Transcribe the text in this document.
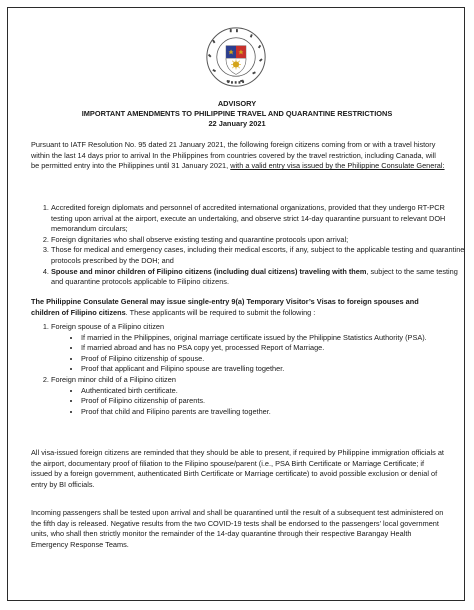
ADVISORY
IMPORTANT AMENDMENTS TO PHILIPPINE TRAVEL AND QUARANTINE RESTRICTIONS
22 January 2021

Pursuant to IATF Resolution No. 95 dated 21 January 2021, the following foreign citizens coming from or with a travel history within the last 14 days prior to arrival In the Philippines from countries covered by the travel restriction, including Canada, will be permitted entry into the Philippines until 31 January 2021, with a valid entry visa issued by the Philippine Consulate General:

1. Accredited foreign diplomats and personnel of accredited international organizations, provided that they undergo RT-PCR testing upon arrival at the airport, execute an undertaking, and observe strict 14-day quarantine pursuant to relevant DOH memorandum circulars;
2. Foreign dignitaries who shall observe existing testing and quarantine protocols upon arrival;
3. Those for medical and emergency cases, including their medical escorts, if any, subject to the applicable testing and quarantine protocols prescribed by the DOH; and
4. Spouse and minor children of Filipino citizens (including dual citizens) traveling with them, subject to the same testing and quarantine protocols applicable to Filipino citizens.

The Philippine Consulate General may issue single-entry 9(a) Temporary Visitor’s Visas to foreign spouses and children of Filipino citizens. These applicants will be required to submit the following :

1. Foreign spouse of a Filipino citizen
• If married in the Philippines, original marriage certificate issued by the Philippine Statistics Authority (PSA).
• If married abroad and has no PSA copy yet, processed Report of Marriage.
• Proof of Filipino citizenship of spouse.
• Proof that applicant and Filipino spouse are travelling together.
2. Foreign minor child of a Filipino citizen
• Authenticated birth certificate.
• Proof of Filipino citizenship of parents.
• Proof that child and Filipino parents are travelling together.

All visa-issued foreign citizens are reminded that they should be able to present, if required by Philippine immigration officials at the airport, documentary proof of filiation to the Filipino spouse/parent (i.e., PSA Birth Certificate or Marriage Certificate; if issued by a foreign government, authenticated Birth Certificate or Marriage certificate) to avoid possible exclusion or denial of entry by BI officials.

Incoming passengers shall be tested upon arrival and shall be quarantined until the result of a subsequent test administered on the fifth day is released. Negative results from the two COVID-19 tests shall be endorsed to the passengers’ local government units, who shall then strictly monitor the remainder of the 14-day quarantine through their respective Barangay Health Emergency Response Teams.
